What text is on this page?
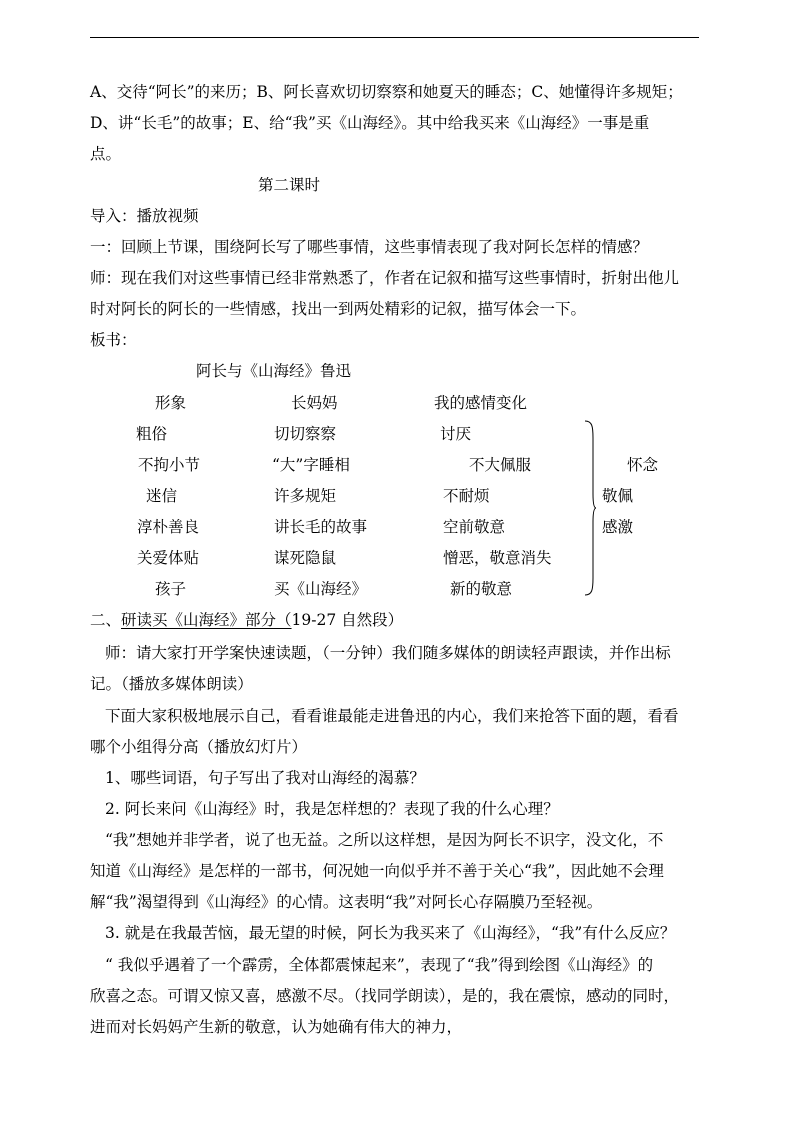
A、交待“阿长”的来历；B、阿长喜欢切切察察和她夏天的睡态；C、她懂得许多规矩；
D、讲“长毛”的故事；E、给“我”买《山海经》。其中给我买来《山海经》一事是重
点。
第二课时
导入：播放视频
一：回顾上节课，围绕阿长写了哪些事情，这些事情表现了我对阿长怎样的情感？
师：现在我们对这些事情已经非常熟悉了，作者在记叙和描写这些事情时，折射出他儿
时对阿长的阿长的一些情感，找出一到两处精彩的记叙，描写体会一下。
板书：
阿长与《山海经》鲁迅
形象	长妈妈	我的感情变化
粗俗	切切察察	讨厌
不拘小节	“大”字睡相	不大佩服
迷信	许多规矩	不耐烦
淳朴善良	讲长毛的故事	空前敬意
关爱体贴	谋死隐鼠	憎恶，敬意消失
孩子	买《山海经》	新的敬意
怀念
敬佩
感激
二、研读买《山海经》部分（19-27 自然段）
师：请大家打开学案快速读题，（一分钟）我们随多媒体的朗读轻声跟读，并作出标
记。（播放多媒体朗读）
下面大家积极地展示自己，看看谁最能走进鲁迅的内心，我们来抢答下面的题，看看
哪个小组得分高（播放幻灯片）
1、哪些词语，句子写出了我对山海经的渴慕？
2. 阿长来问《山海经》时，我是怎样想的？表现了我的什么心理？
“我”想她并非学者，说了也无益。之所以这样想，是因为阿长不识字，没文化，不
知道《山海经》是怎样的一部书，何况她一向似乎并不善于关心“我”，因此她不会理
解“我”渴望得到《山海经》的心情。这表明“我”对阿长心存隔膜乃至轻视。
3. 就是在我最苦恼，最无望的时候，阿长为我买来了《山海经》，“我”有什么反应？
“ 我似乎遇着了一个霹雳，全体都震悚起来”，表现了“我”得到绘图《山海经》的
欣喜之态。可谓又惊又喜，感激不尽。（找同学朗读），是的，我在震惊，感动的同时，
进而对长妈妈产生新的敬意，认为她确有伟大的神力，
